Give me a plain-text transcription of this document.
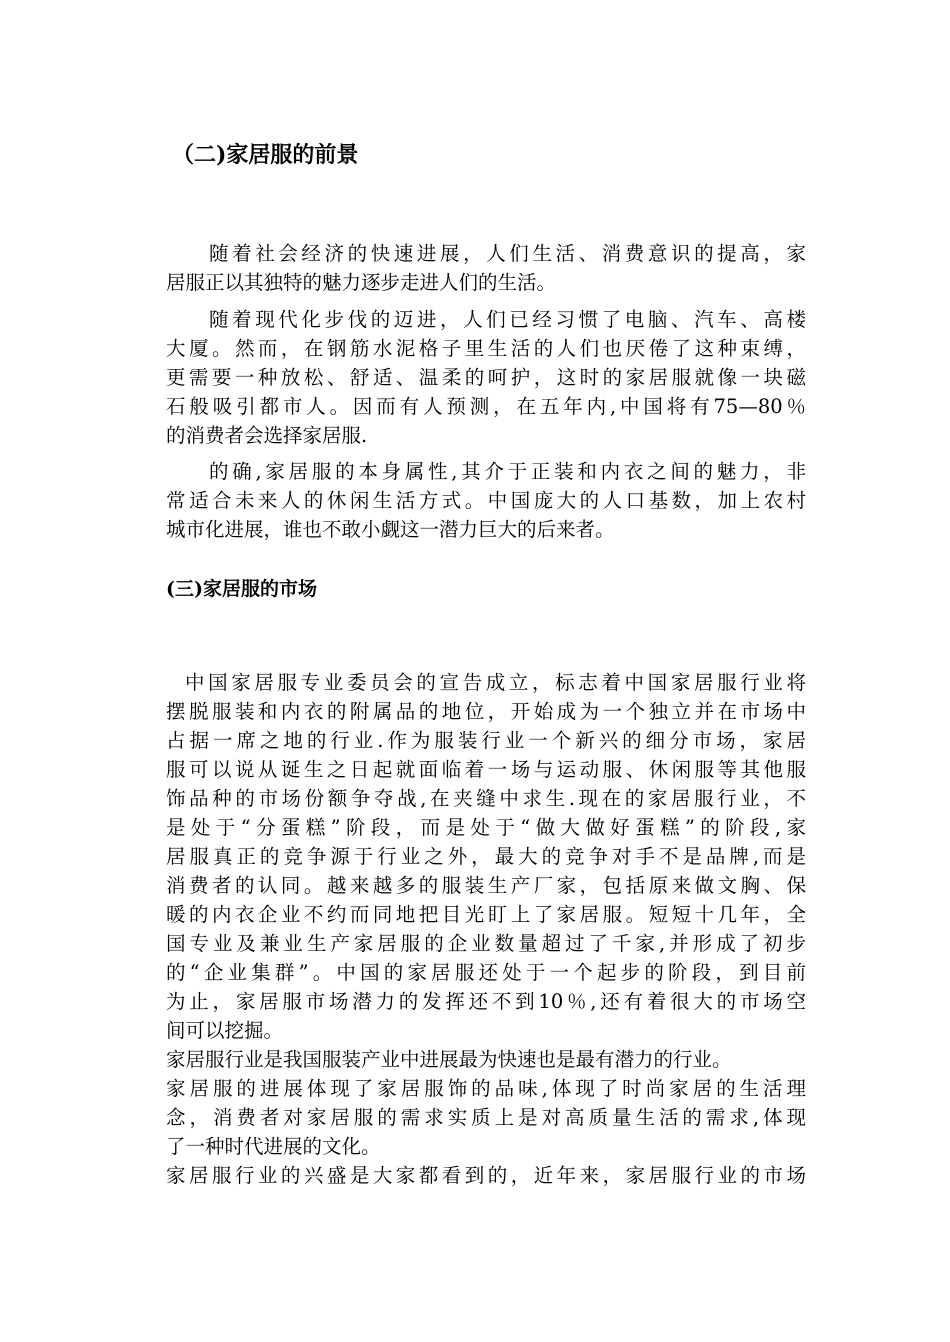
（二)家居服的前景
随着社会经济的快速进展，人们生活、消费意识的提高，家
居服正以其独特的魅力逐步走进人们的生活。
随着现代化步伐的迈进，人们已经习惯了电脑、汽车、高楼
大厦。然而，在钢筋水泥格子里生活的人们也厌倦了这种束缚，
更需要一种放松、舒适、温柔的呵护，这时的家居服就像一块磁
石般吸引都市人。因而有人预测，在五年内,中国将有75—80％
的消费者会选择家居服.
的确,家居服的本身属性,其介于正装和内衣之间的魅力，非
常适合未来人的休闲生活方式。中国庞大的人口基数，加上农村
城市化进展，谁也不敢小觑这一潜力巨大的后来者。
(三)家居服的市场
中国家居服专业委员会的宣告成立，标志着中国家居服行业将
摆脱服装和内衣的附属品的地位，开始成为一个独立并在市场中
占据一席之地的行业.作为服装行业一个新兴的细分市场，家居
服可以说从诞生之日起就面临着一场与运动服、休闲服等其他服
饰品种的市场份额争夺战,在夹缝中求生.现在的家居服行业，不
是处于“分蛋糕”阶段，而是处于“做大做好蛋糕”的阶段,家
居服真正的竞争源于行业之外，最大的竞争对手不是品牌,而是
消费者的认同。越来越多的服装生产厂家，包括原来做文胸、保
暖的内衣企业不约而同地把目光盯上了家居服。短短十几年，全
国专业及兼业生产家居服的企业数量超过了千家,并形成了初步
的“企业集群”。中国的家居服还处于一个起步的阶段，到目前
为止，家居服市场潜力的发挥还不到10％,还有着很大的市场空
间可以挖掘。
家居服行业是我国服装产业中进展最为快速也是最有潜力的行业。
家居服的进展体现了家居服饰的品味,体现了时尚家居的生活理
念，消费者对家居服的需求实质上是对高质量生活的需求,体现
了一种时代进展的文化。
家居服行业的兴盛是大家都看到的，近年来，家居服行业的市场
